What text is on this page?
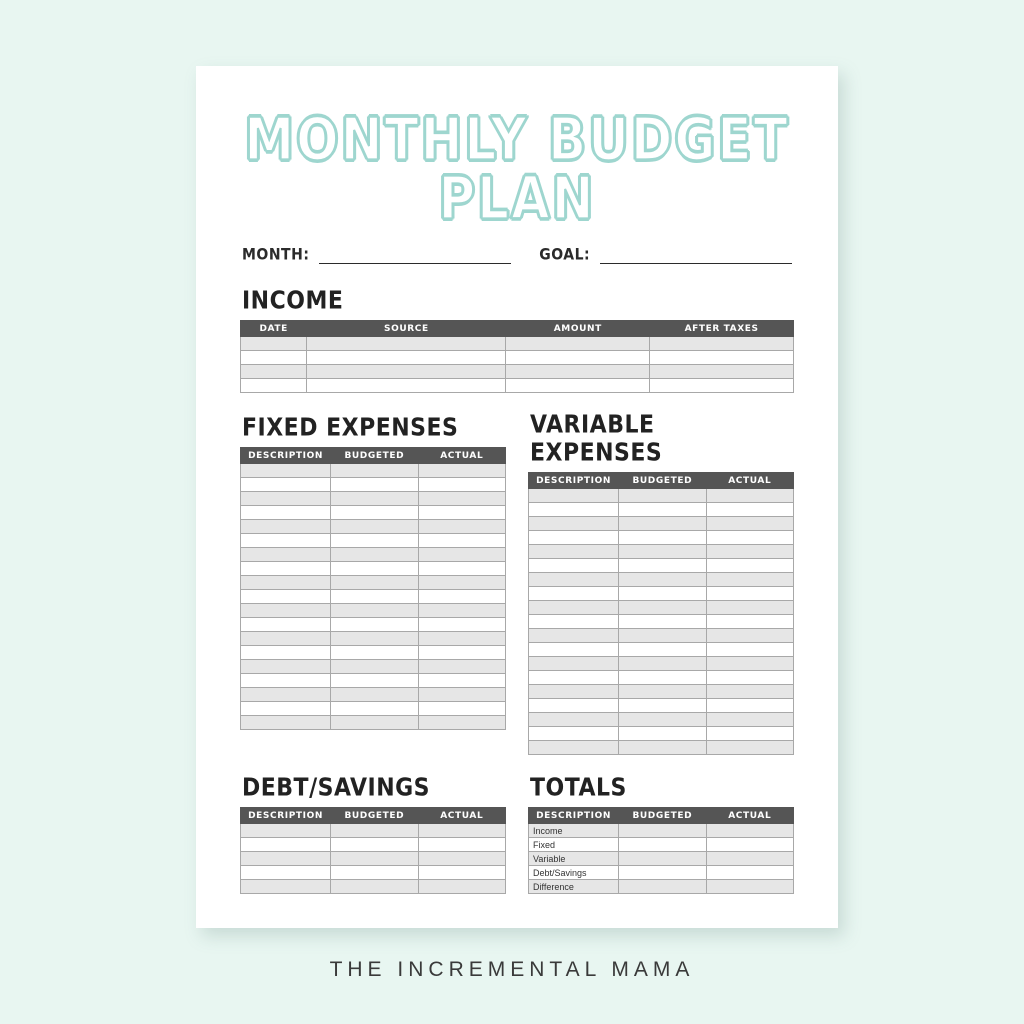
MONTHLY BUDGET PLAN
MONTH:	GOAL:
INCOME
DATE	SOURCE	AMOUNT	AFTER TAXES

FIXED EXPENSES
DESCRIPTION	BUDGETED	ACTUAL

VARIABLE EXPENSES
DESCRIPTION	BUDGETED	ACTUAL

DEBT/SAVINGS
DESCRIPTION	BUDGETED	ACTUAL

TOTALS
DESCRIPTION	BUDGETED	ACTUAL
Income		
Fixed		
Variable		
Debt/Savings		
Difference		
THE INCREMENTAL MAMA
